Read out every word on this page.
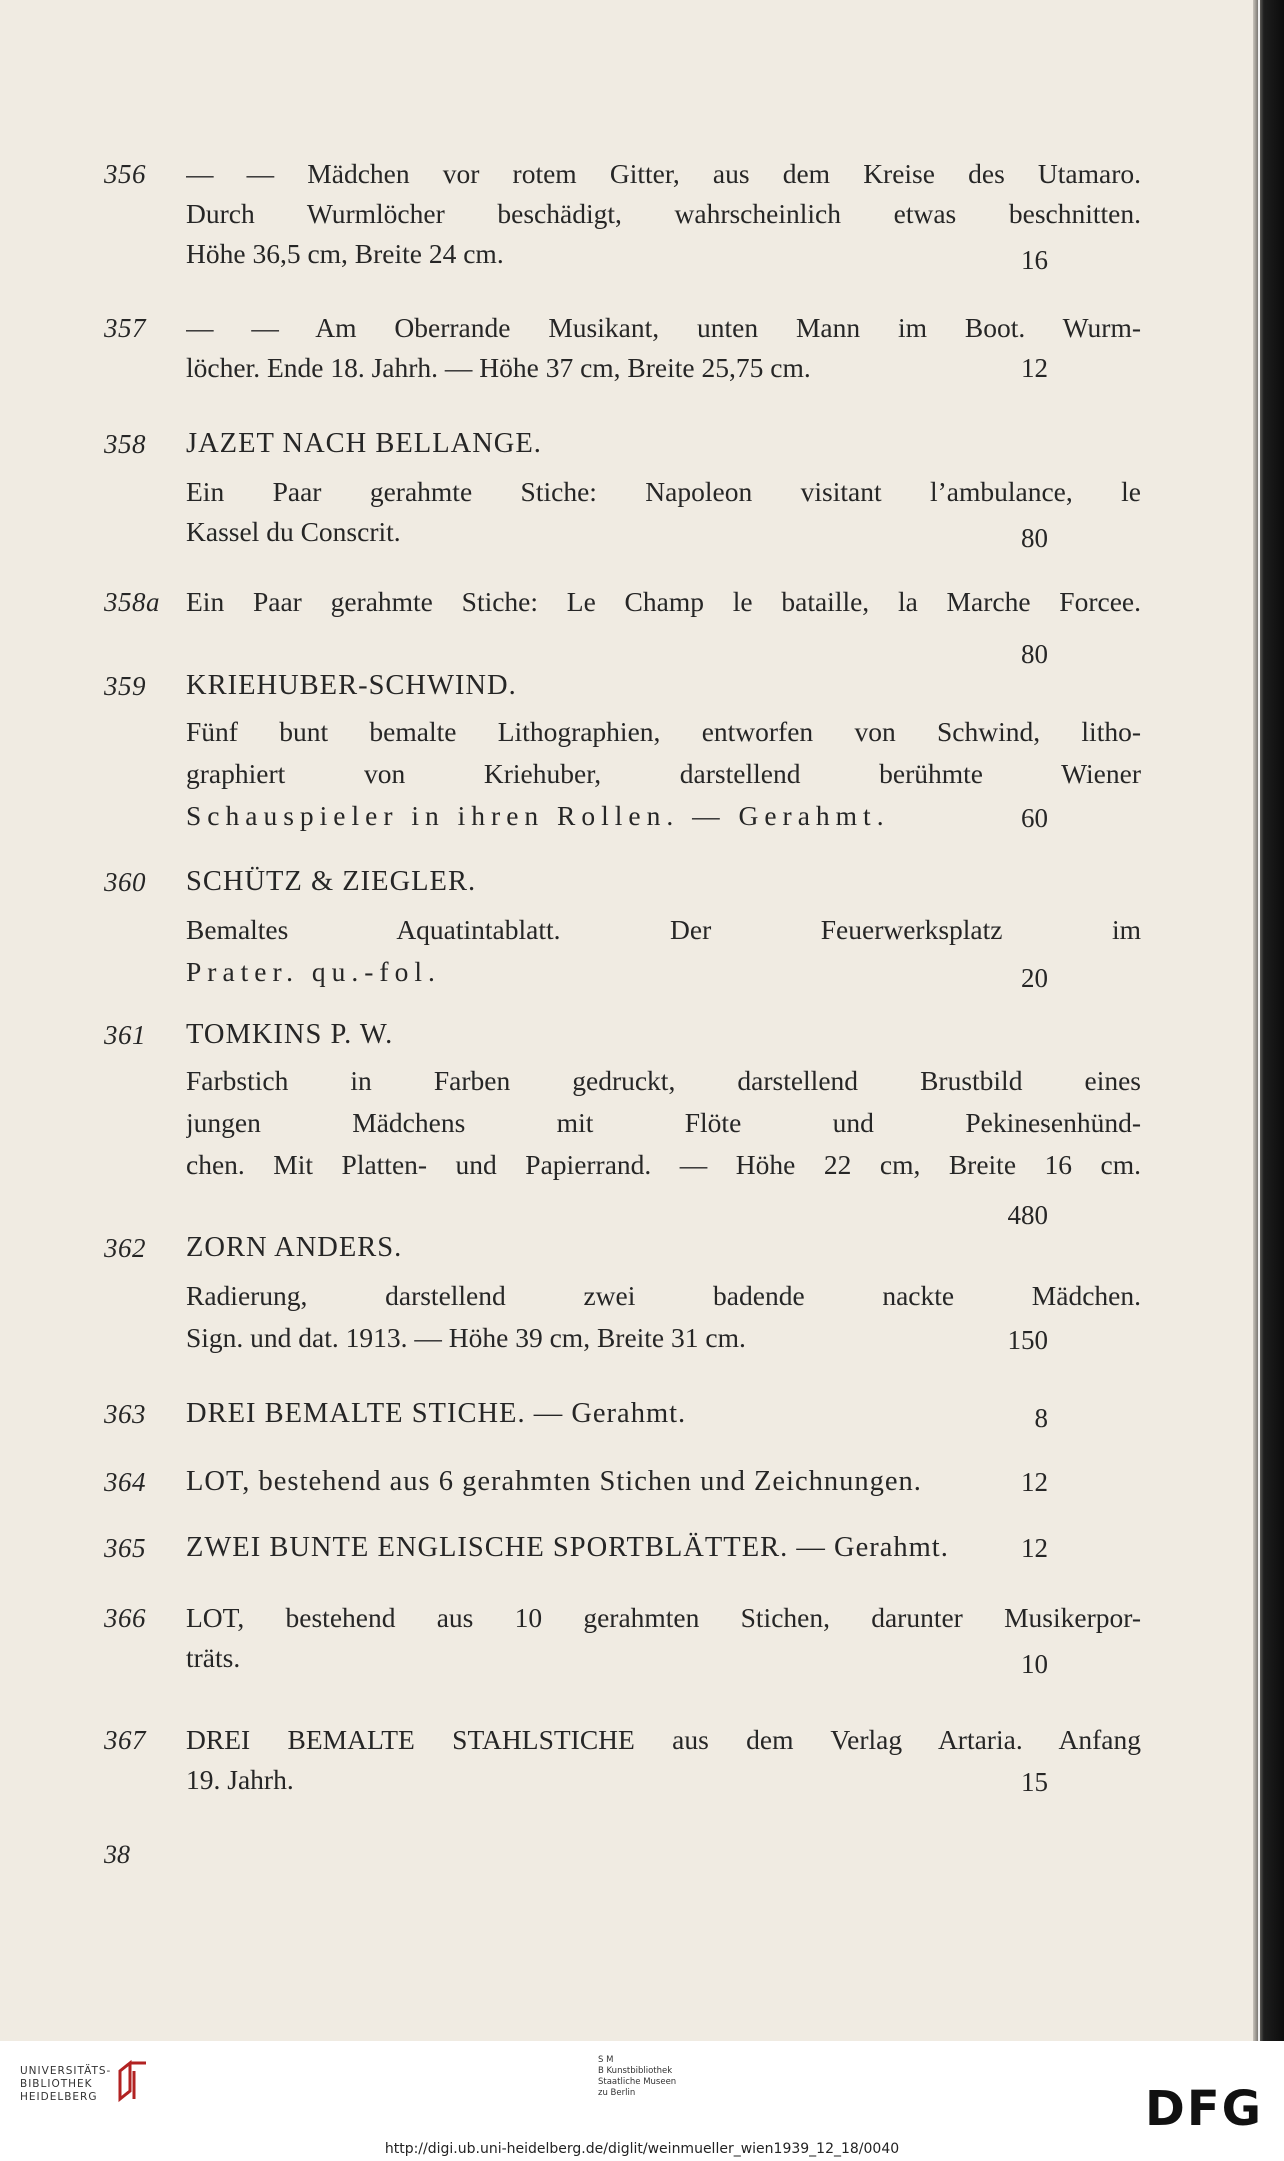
356 — — Mädchen vor rotem Gitter, aus dem Kreise des Utamaro.
Durch Wurmlöcher beschädigt, wahrscheinlich etwas beschnitten.
Höhe 36,5 cm, Breite 24 cm.	16
357 — — Am Oberrande Musikant, unten Mann im Boot. Wurm-
löcher. Ende 18. Jahrh. — Höhe 37 cm, Breite 25,75 cm.	12
358 JAZET NACH BELLANGE.
Ein Paar gerahmte Stiche: Napoleon visitant l’ambulance, le
Kassel du Conscrit.	80
358a Ein Paar gerahmte Stiche: Le Champ le bataille, la Marche Forcee.
80
359 KRIEHUBER-SCHWIND.
Fünf bunt bemalte Lithographien, entworfen von Schwind, litho-
graphiert von Kriehuber, darstellend berühmte Wiener
Schauspieler in ihren Rollen. — Gerahmt.	60
360 SCHÜTZ & ZIEGLER.
Bemaltes Aquatintablatt. Der Feuerwerksplatz im
Prater. qu.-fol.	20
361 TOMKINS P. W.
Farbstich in Farben gedruckt, darstellend Brustbild eines
jungen Mädchens mit Flöte und Pekinesenhünd-
chen. Mit Platten- und Papierrand. — Höhe 22 cm, Breite 16 cm.
480
362 ZORN ANDERS.
Radierung, darstellend zwei badende nackte Mädchen.
Sign. und dat. 1913. — Höhe 39 cm, Breite 31 cm.	150
363 DREI BEMALTE STICHE. — Gerahmt.	8
364 LOT, bestehend aus 6 gerahmten Stichen und Zeichnungen.	12
365 ZWEI BUNTE ENGLISCHE SPORTBLÄTTER. — Gerahmt.	12
366 LOT, bestehend aus 10 gerahmten Stichen, darunter Musikerpor-
träts.	10
367 DREI BEMALTE STAHLSTICHE aus dem Verlag Artaria. Anfang
19. Jahrh.	15
38
UNIVERSITÄTS-
BIBLIOTHEK
HEIDELBERG
S M
B Kunstbibliothek
Staatliche Museen
zu Berlin	DFG
http://digi.ub.uni-heidelberg.de/diglit/weinmueller_wien1939_12_18/0040
